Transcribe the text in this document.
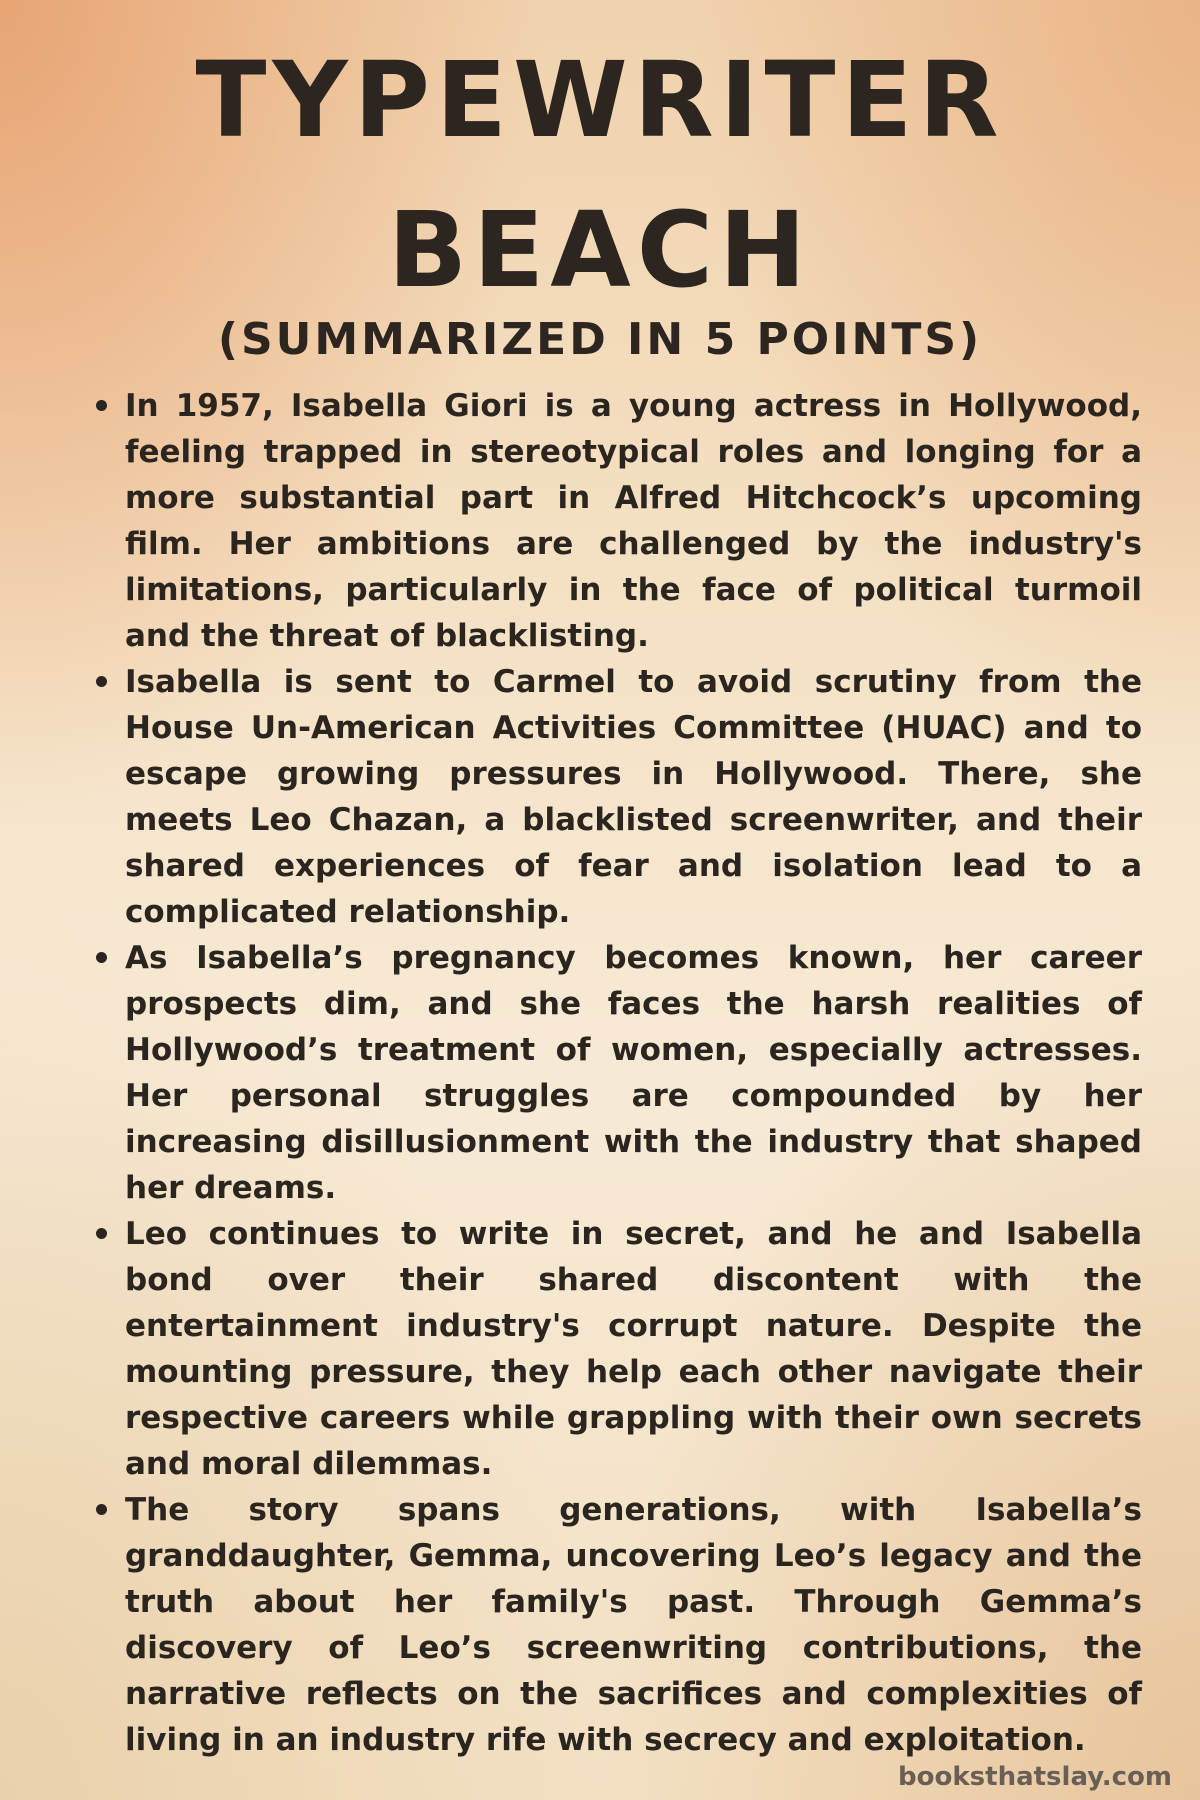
TYPEWRITER
BEACH
(SUMMARIZED IN 5 POINTS)
In 1957, Isabella Giori is a young actress in Hollywood, feeling trapped in stereotypical roles and longing for a more substantial part in Alfred Hitchcock’s upcoming film. Her ambitions are challenged by the industry's limitations, particularly in the face of political turmoil and the threat of blacklisting.
Isabella is sent to Carmel to avoid scrutiny from the House Un-American Activities Committee (HUAC) and to escape growing pressures in Hollywood. There, she meets Leo Chazan, a blacklisted screenwriter, and their shared experiences of fear and isolation lead to a complicated relationship.
As Isabella’s pregnancy becomes known, her career prospects dim, and she faces the harsh realities of Hollywood’s treatment of women, especially actresses. Her personal struggles are compounded by her increasing disillusionment with the industry that shaped her dreams.
Leo continues to write in secret, and he and Isabella bond over their shared discontent with the entertainment industry's corrupt nature. Despite the mounting pressure, they help each other navigate their respective careers while grappling with their own secrets and moral dilemmas.
The story spans generations, with Isabella’s granddaughter, Gemma, uncovering Leo’s legacy and the truth about her family's past. Through Gemma’s discovery of Leo’s screenwriting contributions, the narrative reflects on the sacrifices and complexities of living in an industry rife with secrecy and exploitation.
booksthatslay.com
